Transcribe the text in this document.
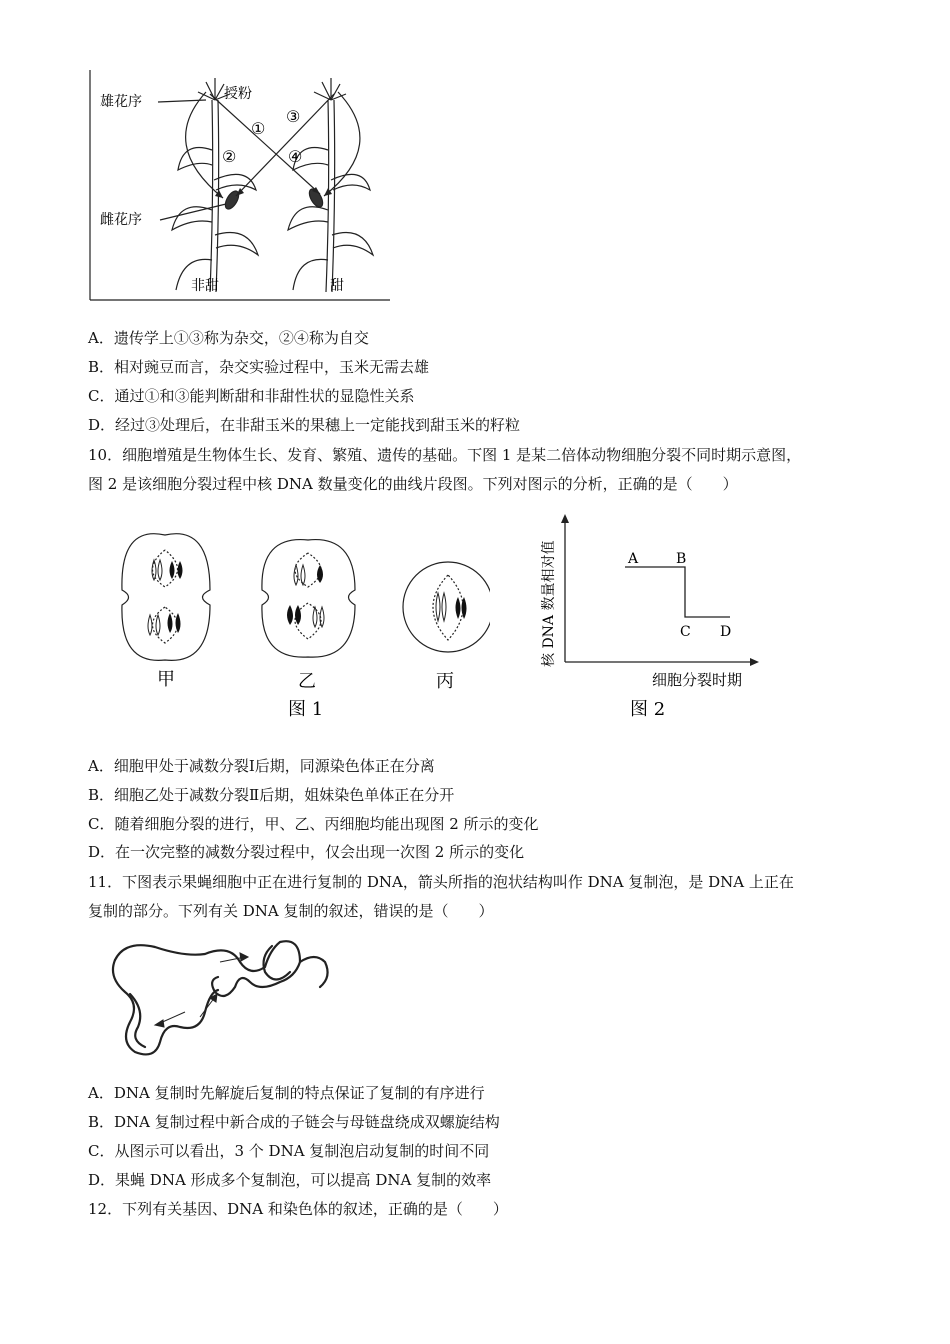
雄花序	授粉
雌花序
①
②
③
④
非甜	甜
A．遗传学上①③称为杂交，②④称为自交
B．相对豌豆而言，杂交实验过程中，玉米无需去雄
C．通过①和③能判断甜和非甜性状的显隐性关系
D．经过③处理后，在非甜玉米的果穗上一定能找到甜玉米的籽粒
10．细胞增殖是生物体生长、发育、繁殖、遗传的基础。下图 1 是某二倍体动物细胞分裂不同时期示意图，
图 2 是该细胞分裂过程中核 DNA 数量变化的曲线片段图。下列对图示的分析，正确的是（　　）
甲	乙	丙
图 1
核 DNA 数量相对值
细胞分裂时期
A	B
C D
图 2
A．细胞甲处于减数分裂Ⅰ后期，同源染色体正在分离
B．细胞乙处于减数分裂Ⅱ后期，姐妹染色单体正在分开
C．随着细胞分裂的进行，甲、乙、丙细胞均能出现图 2 所示的变化
D．在一次完整的减数分裂过程中，仅会出现一次图 2 所示的变化
11．下图表示果蝇细胞中正在进行复制的 DNA，箭头所指的泡状结构叫作 DNA 复制泡，是 DNA 上正在
复制的部分。下列有关 DNA 复制的叙述，错误的是（　　）
A．DNA 复制时先解旋后复制的特点保证了复制的有序进行
B．DNA 复制过程中新合成的子链会与母链盘绕成双螺旋结构
C．从图示可以看出，3 个 DNA 复制泡启动复制的时间不同
D．果蝇 DNA 形成多个复制泡，可以提高 DNA 复制的效率
12．下列有关基因、DNA 和染色体的叙述，正确的是（　　）
